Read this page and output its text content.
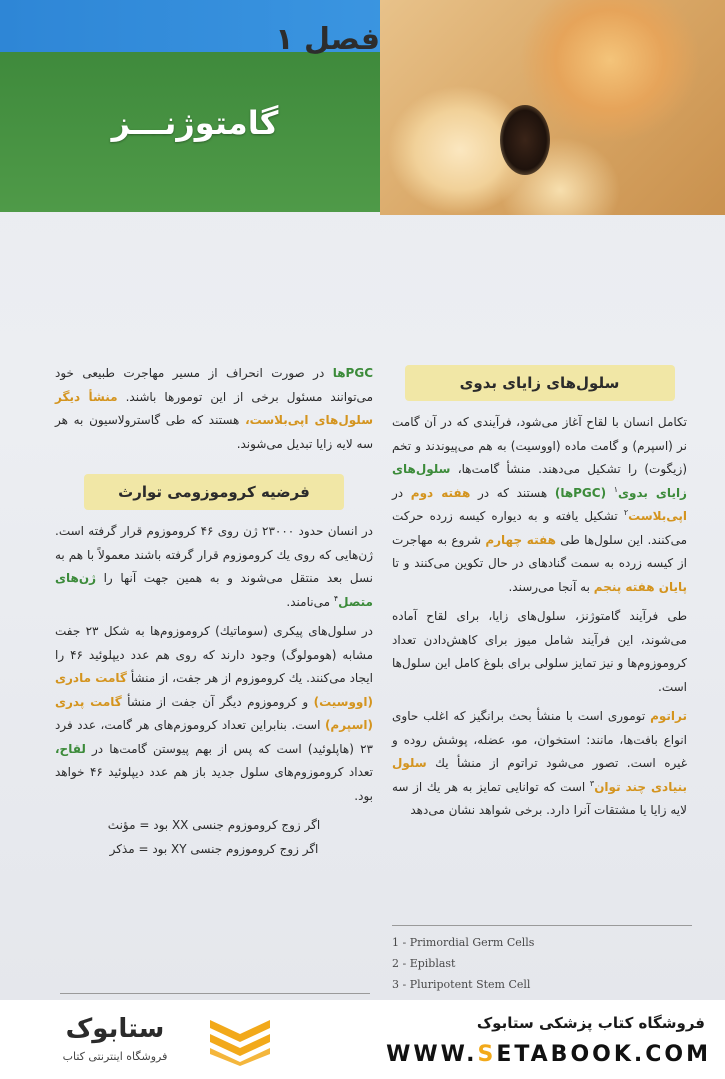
فصل ۱
گامتوژنـــز
سلول‌های زایای بدوی

تکامل انسان با لقاح آغاز می‌شود، فرآیندی که در آن گامت نر (اسپرم) و گامت ماده (اووسیت) به هم می‌پیوندند و تخم (زیگوت) را تشکیل می‌دهند. منشأ گامت‌ها، سلول‌های زایای بدوی$^۱$ (PGCها) هستند که در هفته دوم در اپی‌بلاست$^۲$ تشکیل یافته و به دیواره کیسه زرده حرکت می‌کنند. این سلول‌ها طی هفته چهارم شروع به مهاجرت از کیسه زرده به سمت گنادهای در حال تکوین می‌کنند و تا پایان هفته پنجم به آنجا می‌رسند.

طی فرآیند گامتوژنز، سلول‌های زایا، برای لقاح آماده می‌شوند، این فرآیند شامل میوز برای کاهش‌دادن تعداد کروموزوم‌ها و نیز تمایز سلولی برای بلوغ کامل این سلول‌ها است.

تراتوم توموری است با منشأ بحث برانگیز که اغلب حاوی انواع بافت‌ها، مانند: استخوان، مو، عضله، پوشش روده و غیره است. تصور می‌شود تراتوم از منشأ یك سلول بنیادی چند توان$^۳$ است که توانایی تمایز به هر یك از سه لایه زایا یا مشتقات آنرا دارد. برخی شواهد نشان می‌دهد

PGCها در صورت انحراف از مسیر مهاجرت طبیعی خود می‌توانند مسئول برخی از این تومورها باشند. منشأ دیگر سلول‌های اپی‌بلاست، هستند که طی گاسترولاسیون به هر سه لایه زایا تبدیل می‌شوند.

فرضیه کروموزومی توارث

در انسان حدود ۲۳۰۰۰ ژن روی ۴۶ کروموزوم قرار گرفته است. ژن‌هایی که روی یك کروموزوم قرار گرفته باشند معمولاً با هم به نسل بعد منتقل می‌شوند و به همین جهت آنها را ژن‌های متصل$^۴$ می‌نامند.

در سلول‌های پیکری (سوماتیك) کروموزوم‌ها به شکل ۲۳ جفت مشابه (هومولوگ) وجود دارند که روی هم عدد دیپلوئید ۴۶ را ایجاد می‌کنند. یك کروموزوم از هر جفت، از منشأ گامت مادری (اووسیت) و کروموزوم دیگر آن جفت از منشأ گامت پدری (اسپرم) است. بنابراین تعداد کروموزم‌های هر گامت، عدد فرد ۲۳ (هاپلوئید) است که پس از بهم پیوستن گامت‌ها در لقاح، تعداد کروموزوم‌های سلول جدید باز هم عدد دیپلوئید ۴۶ خواهد بود.

اگر زوج کروموزوم جنسی XX بود = مؤنث
اگر زوج کروموزوم جنسی XY بود = مذکر
1 - Primordial Germ Cells
2 - Epiblast
3 - Pluripotent Stem Cell
ستابوک
فروشگاه اینترنتی کتاب
فروشگاه کتاب پزشکی ستابوک
WWW.SETABOOK.COM
